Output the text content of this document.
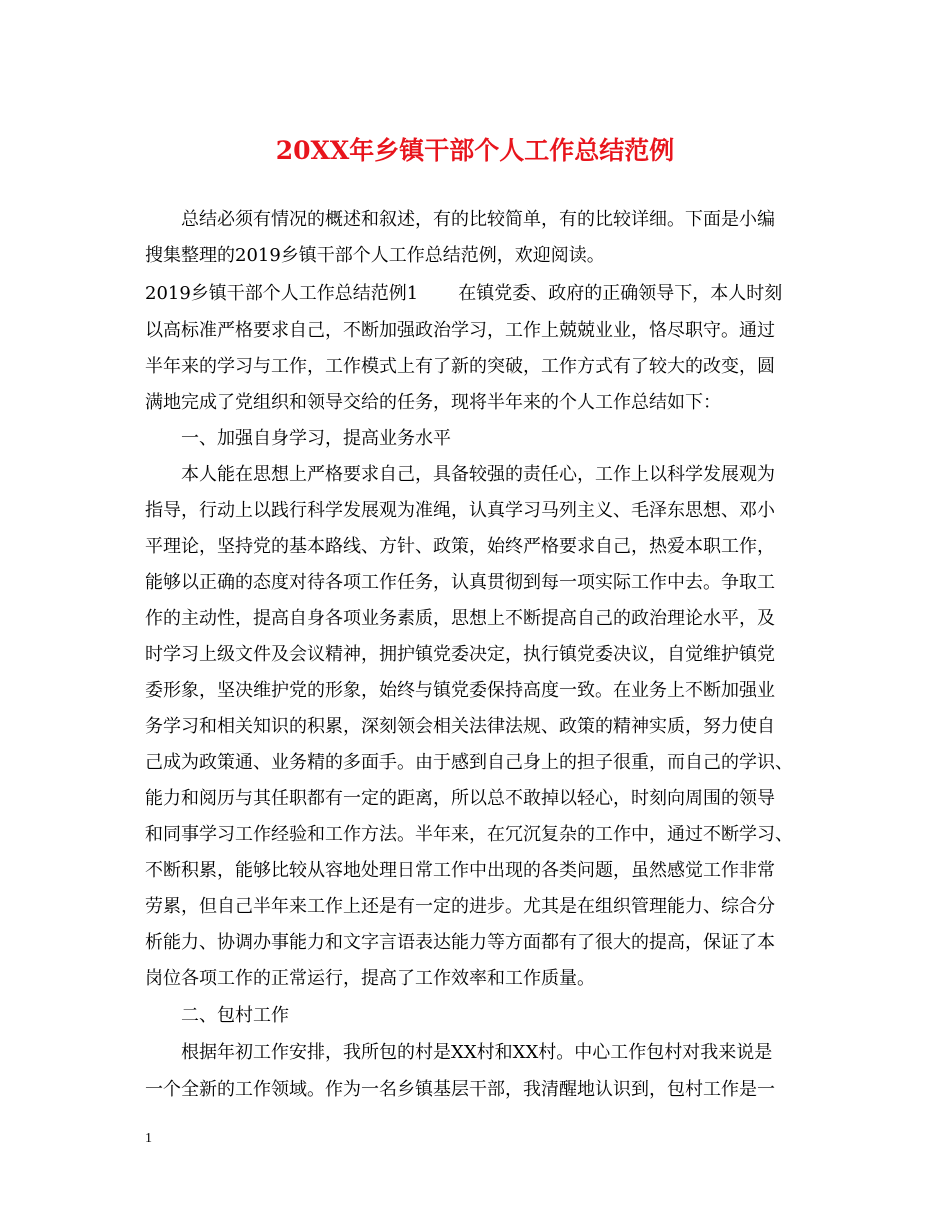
20XX年乡镇干部个人工作总结范例
总结必须有情况的概述和叙述，有的比较简单，有的比较详细。下面是小编
搜集整理的2019乡镇干部个人工作总结范例，欢迎阅读。
2019乡镇干部个人工作总结范例1 在镇党委、政府的正确领导下，本人时刻
以高标准严格要求自己，不断加强政治学习，工作上兢兢业业，恪尽职守。通过
半年来的学习与工作，工作模式上有了新的突破，工作方式有了较大的改变，圆
满地完成了党组织和领导交给的任务，现将半年来的个人工作总结如下：
一、加强自身学习，提高业务水平
本人能在思想上严格要求自己，具备较强的责任心，工作上以科学发展观为
指导，行动上以践行科学发展观为准绳，认真学习马列主义、毛泽东思想、邓小
平理论，坚持党的基本路线、方针、政策，始终严格要求自己，热爱本职工作，
能够以正确的态度对待各项工作任务，认真贯彻到每一项实际工作中去。争取工
作的主动性，提高自身各项业务素质，思想上不断提高自己的政治理论水平，及
时学习上级文件及会议精神，拥护镇党委决定，执行镇党委决议，自觉维护镇党
委形象，坚决维护党的形象，始终与镇党委保持高度一致。在业务上不断加强业
务学习和相关知识的积累，深刻领会相关法律法规、政策的精神实质，努力使自
己成为政策通、业务精的多面手。由于感到自己身上的担子很重，而自己的学识、
能力和阅历与其任职都有一定的距离，所以总不敢掉以轻心，时刻向周围的领导
和同事学习工作经验和工作方法。半年来，在冗沉复杂的工作中，通过不断学习、
不断积累，能够比较从容地处理日常工作中出现的各类问题，虽然感觉工作非常
劳累，但自己半年来工作上还是有一定的进步。尤其是在组织管理能力、综合分
析能力、协调办事能力和文字言语表达能力等方面都有了很大的提高，保证了本
岗位各项工作的正常运行，提高了工作效率和工作质量。
二、包村工作
根据年初工作安排，我所包的村是XX村和XX村。中心工作包村对我来说是
一个全新的工作领域。作为一名乡镇基层干部，我清醒地认识到，包村工作是一
1
